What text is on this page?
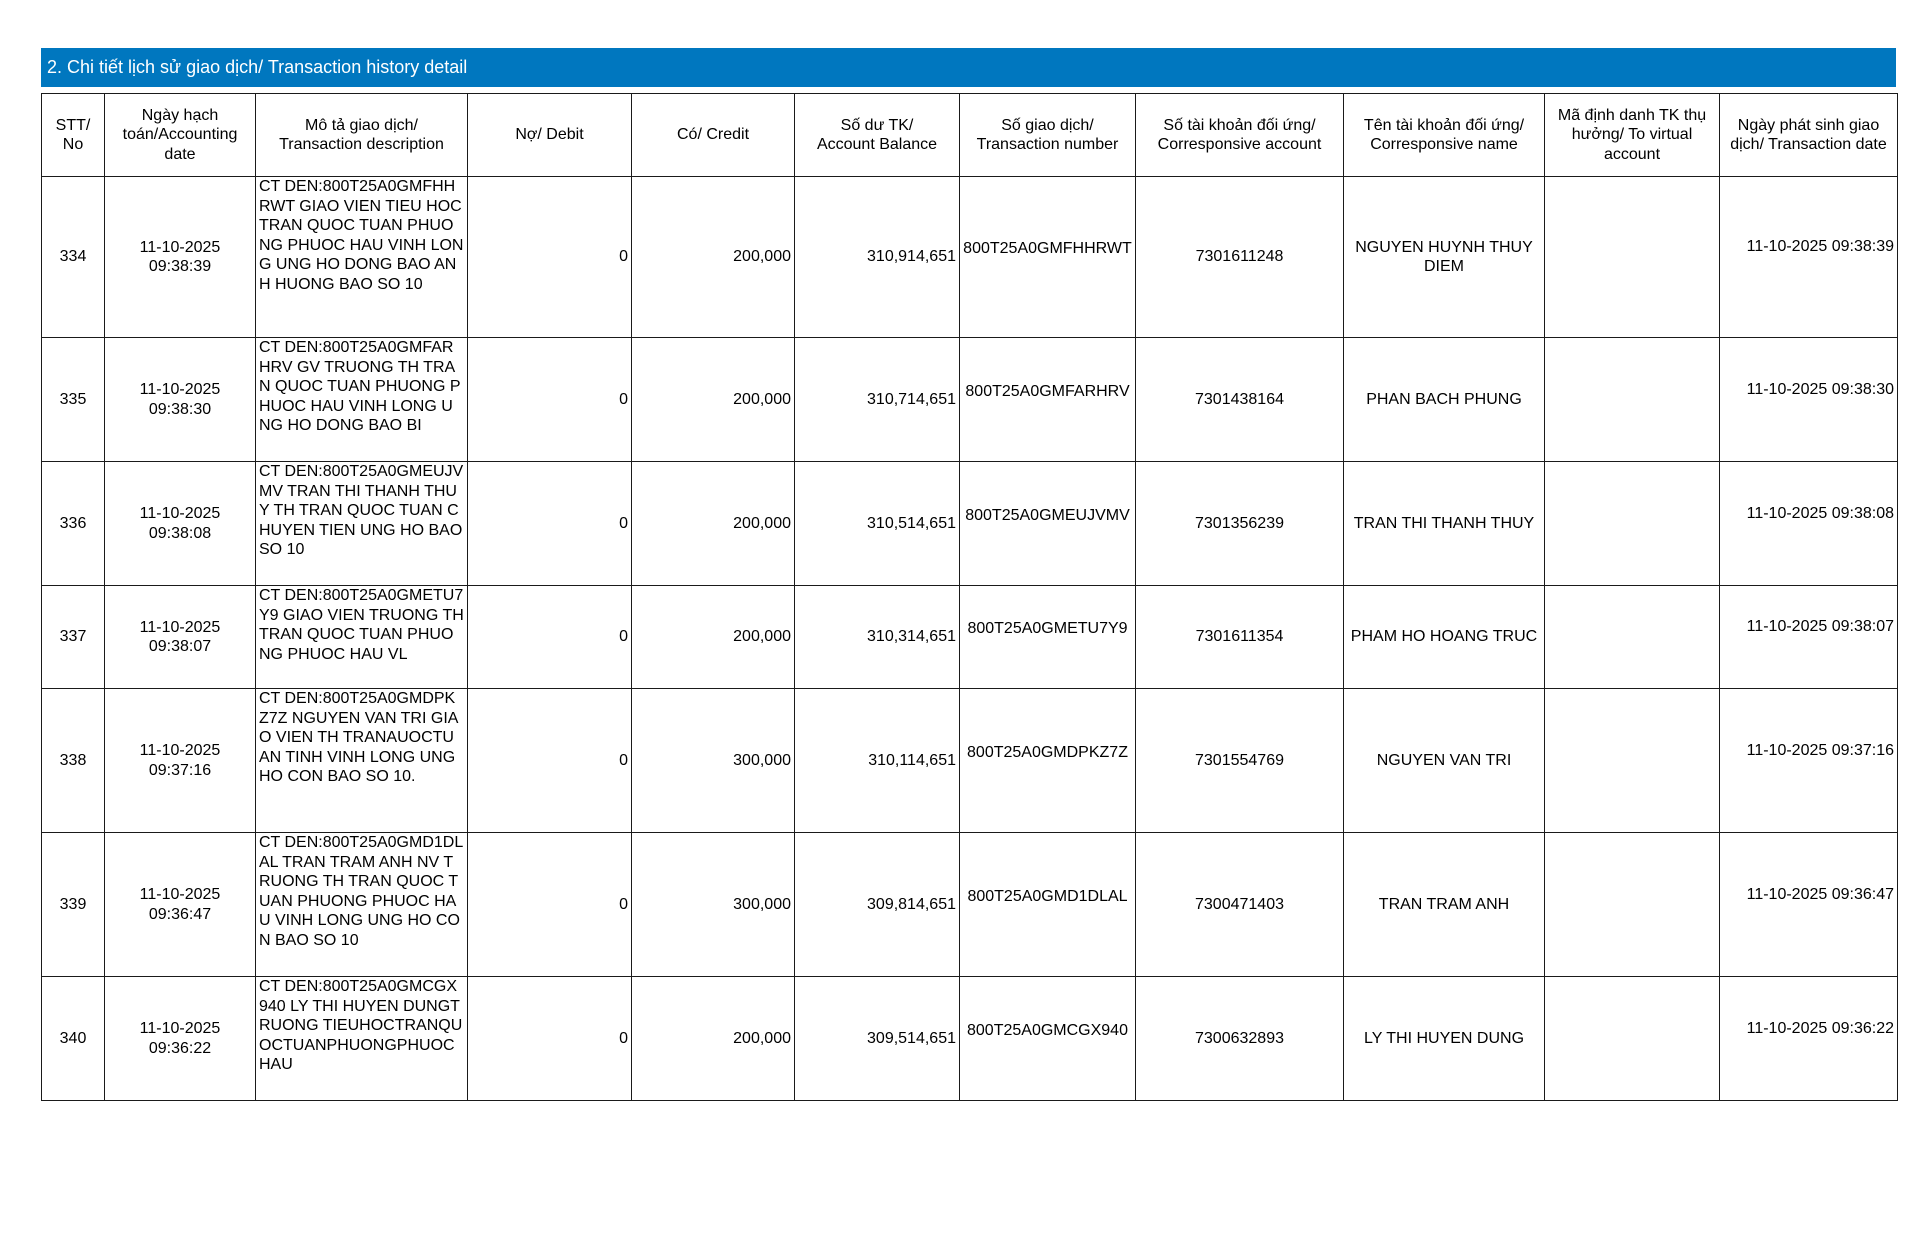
2. Chi tiết lịch sử giao dịch/ Transaction history detail
STT/
No	Ngày hạch
toán/Accounting
date	Mô tả giao dịch/
Transaction description	Nợ/ Debit	Có/ Credit	Số dư TK/
Account Balance	Số giao dịch/
Transaction number	Số tài khoản đối ứng/
Corresponsive account	Tên tài khoản đối ứng/
Corresponsive name	Mã định danh TK thụ
hưởng/ To virtual
account	Ngày phát sinh giao
dịch/ Transaction date
334	11-10-2025
09:38:39	CT DEN:800T25A0GMFHHRWT GIAO VIEN TIEU HOC TRAN QUOC TUAN PHUONG PHUOC HAU VINH LONG UNG HO DONG BAO ANH HUONG BAO SO 10	0	200,000	310,914,651	800T25A0GMFHHRWT	7301611248	NGUYEN HUYNH THUY DIEM		11-10-2025 09:38:39
335	11-10-2025
09:38:30	CT DEN:800T25A0GMFARHRV GV TRUONG TH TRAN QUOC TUAN PHUONG PHUOC HAU VINH LONG UNG HO DONG BAO BI	0	200,000	310,714,651	800T25A0GMFARHRV	7301438164	PHAN BACH PHUNG		11-10-2025 09:38:30
336	11-10-2025
09:38:08	CT DEN:800T25A0GMEUJVMV TRAN THI THANH THUY TH TRAN QUOC TUAN CHUYEN TIEN UNG HO BAO SO 10	0	200,000	310,514,651	800T25A0GMEUJVMV	7301356239	TRAN THI THANH THUY		11-10-2025 09:38:08
337	11-10-2025
09:38:07	CT DEN:800T25A0GMETU7Y9 GIAO VIEN TRUONG TH TRAN QUOC TUAN PHUONG PHUOC HAU VL	0	200,000	310,314,651	800T25A0GMETU7Y9	7301611354	PHAM HO HOANG TRUC		11-10-2025 09:38:07
338	11-10-2025
09:37:16	CT DEN:800T25A0GMDPKZ7Z NGUYEN VAN TRI GIAO VIEN TH TRANAUOCTUAN TINH VINH LONG UNG HO CON BAO SO 10.	0	300,000	310,114,651	800T25A0GMDPKZ7Z	7301554769	NGUYEN VAN TRI		11-10-2025 09:37:16
339	11-10-2025
09:36:47	CT DEN:800T25A0GMD1DLAL TRAN TRAM ANH NV TRUONG TH TRAN QUOC TUAN PHUONG PHUOC HAU VINH LONG UNG HO CON BAO SO 10	0	300,000	309,814,651	800T25A0GMD1DLAL	7300471403	TRAN TRAM ANH		11-10-2025 09:36:47
340	11-10-2025
09:36:22	CT DEN:800T25A0GMCGX940 LY THI HUYEN DUNGTRUONG TIEUHOCTRANQUOCTUANPHUONGPHUOCHAU	0	200,000	309,514,651	800T25A0GMCGX940	7300632893	LY THI HUYEN DUNG		11-10-2025 09:36:22
